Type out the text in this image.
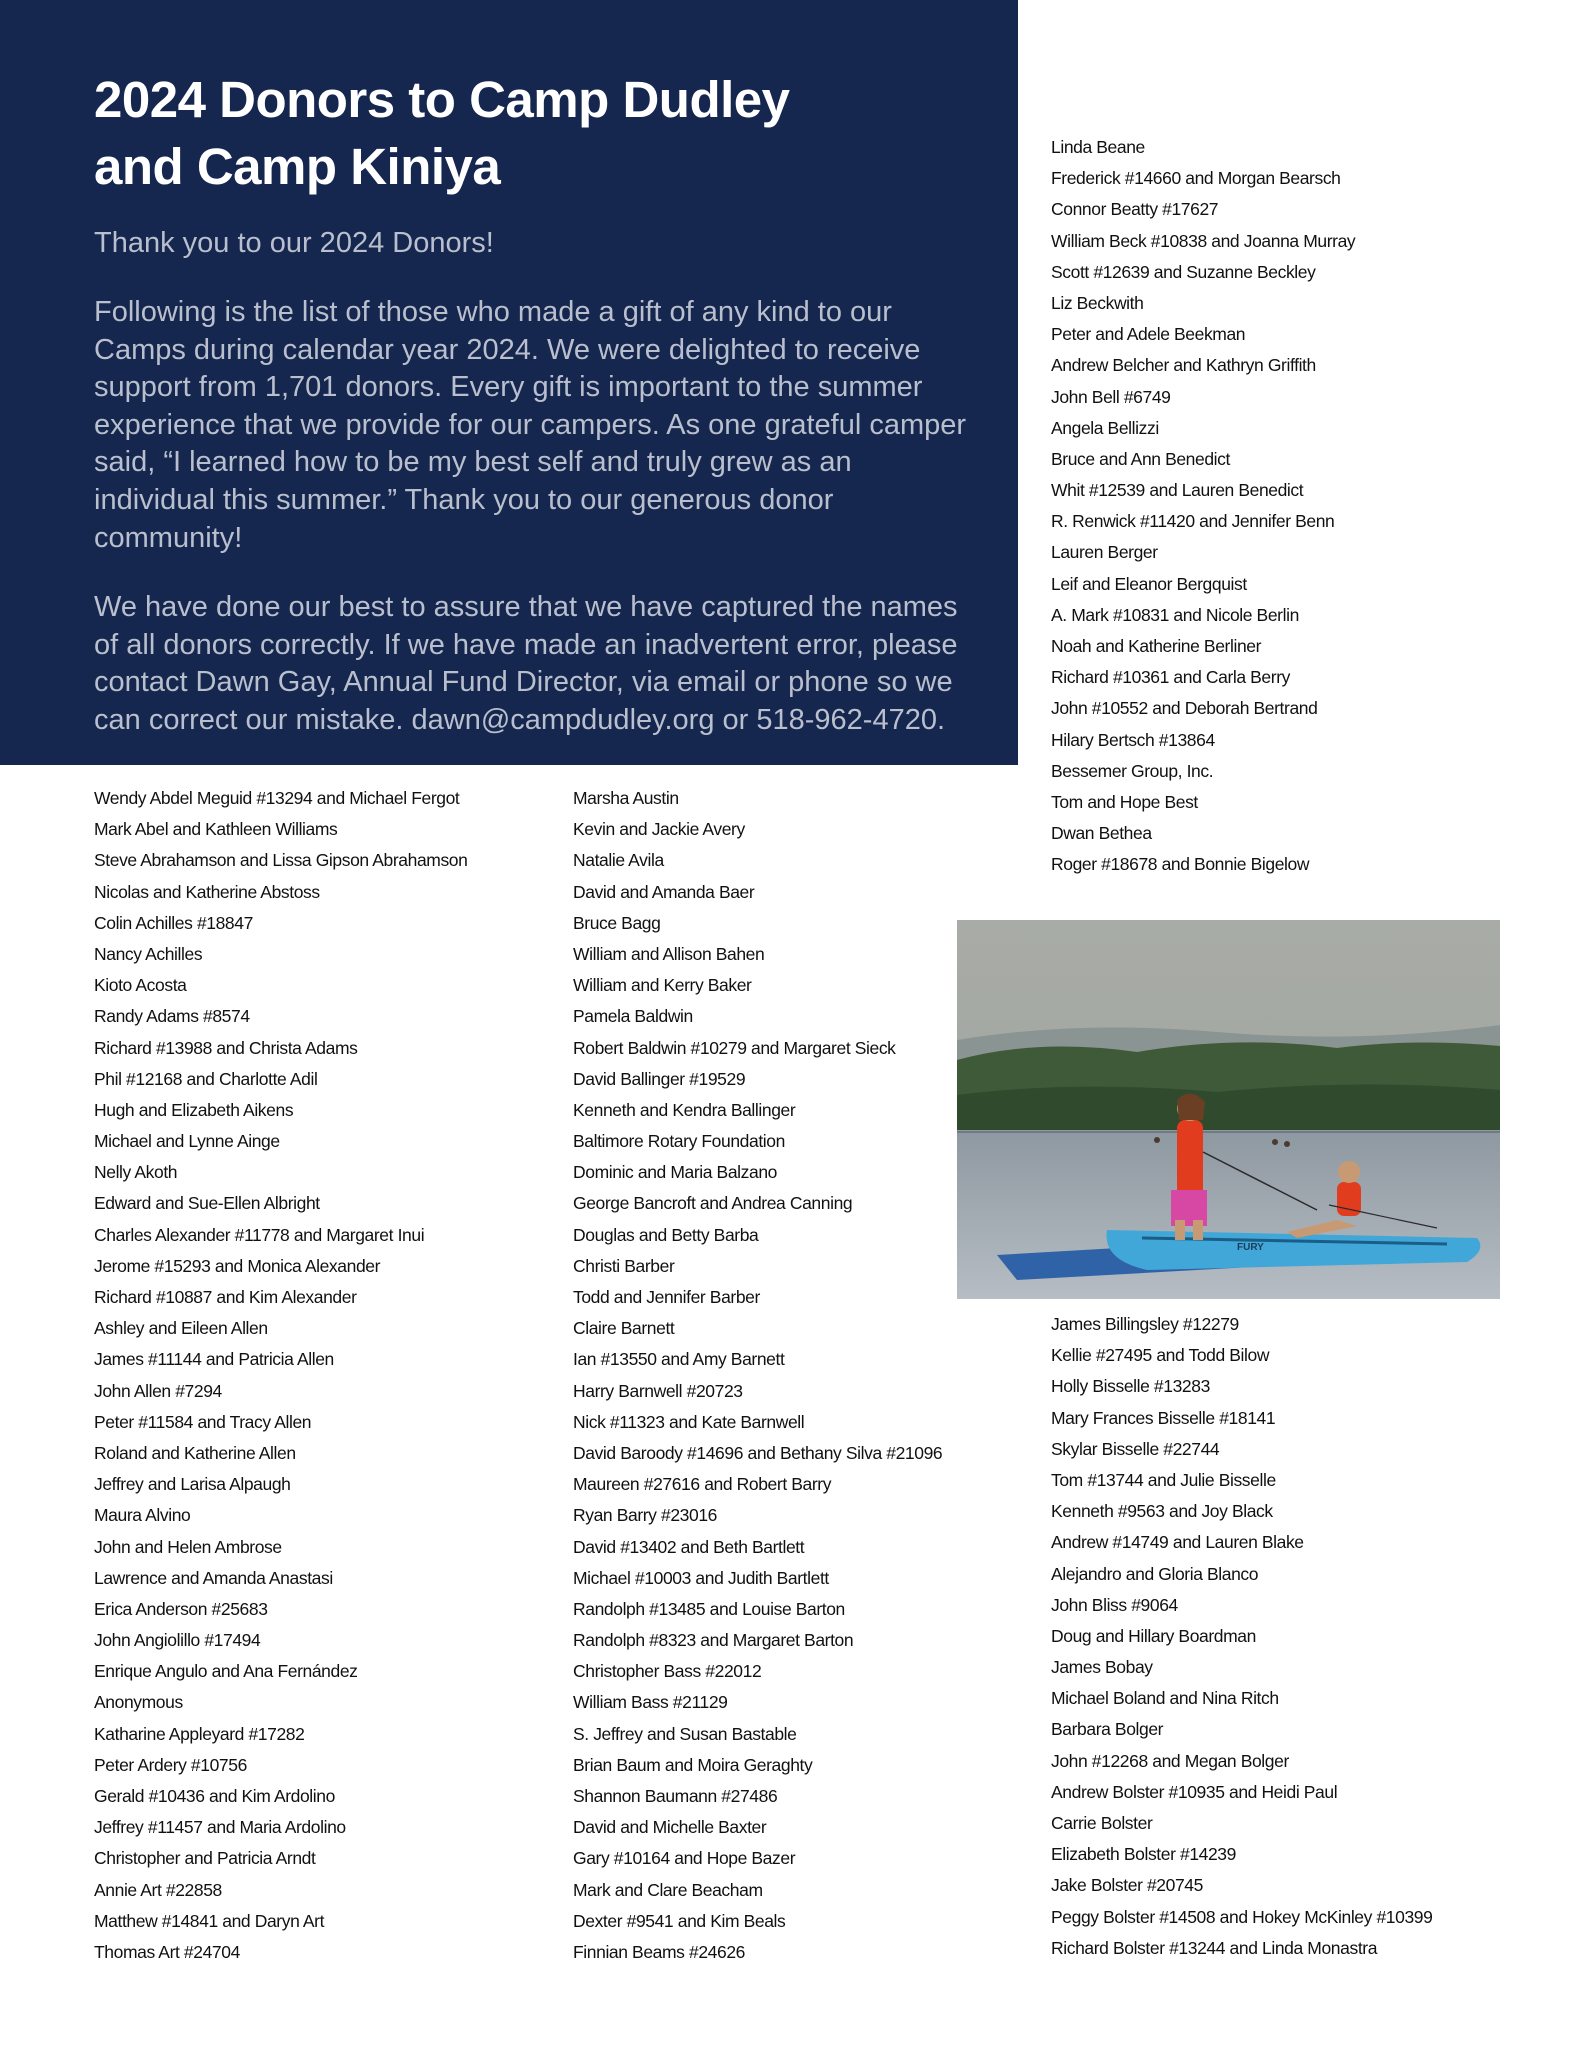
2024 Donors to Camp Dudley
and Camp Kiniya
Thank you to our 2024 Donors!

Following is the list of those who made a gift of any kind to our Camps during calendar year 2024. We were delighted to receive support from 1,701 donors. Every gift is important to the summer experience that we provide for our campers. As one grateful camper said, “I learned how to be my best self and truly grew as an individual this summer.” Thank you to our generous donor community!

We have done our best to assure that we have captured the names of all donors correctly. If we have made an inadvertent error, please contact Dawn Gay, Annual Fund Director, via email or phone so we can correct our mistake. dawn@campdudley.org or 518-962-4720.

Wendy Abdel Meguid #13294 and Michael Fergot
Mark Abel and Kathleen Williams
Steve Abrahamson and Lissa Gipson Abrahamson
Nicolas and Katherine Abstoss
Colin Achilles #18847
Nancy Achilles
Kioto Acosta
Randy Adams #8574
Richard #13988 and Christa Adams
Phil #12168 and Charlotte Adil
Hugh and Elizabeth Aikens
Michael and Lynne Ainge
Nelly Akoth
Edward and Sue-Ellen Albright
Charles Alexander #11778 and Margaret Inui
Jerome #15293 and Monica Alexander
Richard #10887 and Kim Alexander
Ashley and Eileen Allen
James #11144 and Patricia Allen
John Allen #7294
Peter #11584 and Tracy Allen
Roland and Katherine Allen
Jeffrey and Larisa Alpaugh
Maura Alvino
John and Helen Ambrose
Lawrence and Amanda Anastasi
Erica Anderson #25683
John Angiolillo #17494
Enrique Angulo and Ana Fernández
Anonymous
Katharine Appleyard #17282
Peter Ardery #10756
Gerald #10436 and Kim Ardolino
Jeffrey #11457 and Maria Ardolino
Christopher and Patricia Arndt
Annie Art #22858
Matthew #14841 and Daryn Art
Thomas Art #24704
Marsha Austin
Kevin and Jackie Avery
Natalie Avila
David and Amanda Baer
Bruce Bagg
William and Allison Bahen
William and Kerry Baker
Pamela Baldwin
Robert Baldwin #10279 and Margaret Sieck
David Ballinger #19529
Kenneth and Kendra Ballinger
Baltimore Rotary Foundation
Dominic and Maria Balzano
George Bancroft and Andrea Canning
Douglas and Betty Barba
Christi Barber
Todd and Jennifer Barber
Claire Barnett
Ian #13550 and Amy Barnett
Harry Barnwell #20723
Nick #11323 and Kate Barnwell
David Baroody #14696 and Bethany Silva #21096
Maureen #27616 and Robert Barry
Ryan Barry #23016
David #13402 and Beth Bartlett
Michael #10003 and Judith Bartlett
Randolph #13485 and Louise Barton
Randolph #8323 and Margaret Barton
Christopher Bass #22012
William Bass #21129
S. Jeffrey and Susan Bastable
Brian Baum and Moira Geraghty
Shannon Baumann #27486
David and Michelle Baxter
Gary #10164 and Hope Bazer
Mark and Clare Beacham
Dexter #9541 and Kim Beals
Finnian Beams #24626
Linda Beane
Frederick #14660 and Morgan Bearsch
Connor Beatty #17627
William Beck #10838 and Joanna Murray
Scott #12639 and Suzanne Beckley
Liz Beckwith
Peter and Adele Beekman
Andrew Belcher and Kathryn Griffith
John Bell #6749
Angela Bellizzi
Bruce and Ann Benedict
Whit #12539 and Lauren Benedict
R. Renwick #11420 and Jennifer Benn
Lauren Berger
Leif and Eleanor Bergquist
A. Mark #10831 and Nicole Berlin
Noah and Katherine Berliner
Richard #10361 and Carla Berry
John #10552 and Deborah Bertrand
Hilary Bertsch #13864
Bessemer Group, Inc.
Tom and Hope Best
Dwan Bethea
Roger #18678 and Bonnie Bigelow
James Billingsley #12279
Kellie #27495 and Todd Bilow
Holly Bisselle #13283
Mary Frances Bisselle #18141
Skylar Bisselle #22744
Tom #13744 and Julie Bisselle
Kenneth #9563 and Joy Black
Andrew #14749 and Lauren Blake
Alejandro and Gloria Blanco
John Bliss #9064
Doug and Hillary Boardman
James Bobay
Michael Boland and Nina Ritch
Barbara Bolger
John #12268 and Megan Bolger
Andrew Bolster #10935 and Heidi Paul
Carrie Bolster
Elizabeth Bolster #14239
Jake Bolster #20745
Peggy Bolster #14508 and Hokey McKinley #10399
Richard Bolster #13244 and Linda Monastra
FURY
